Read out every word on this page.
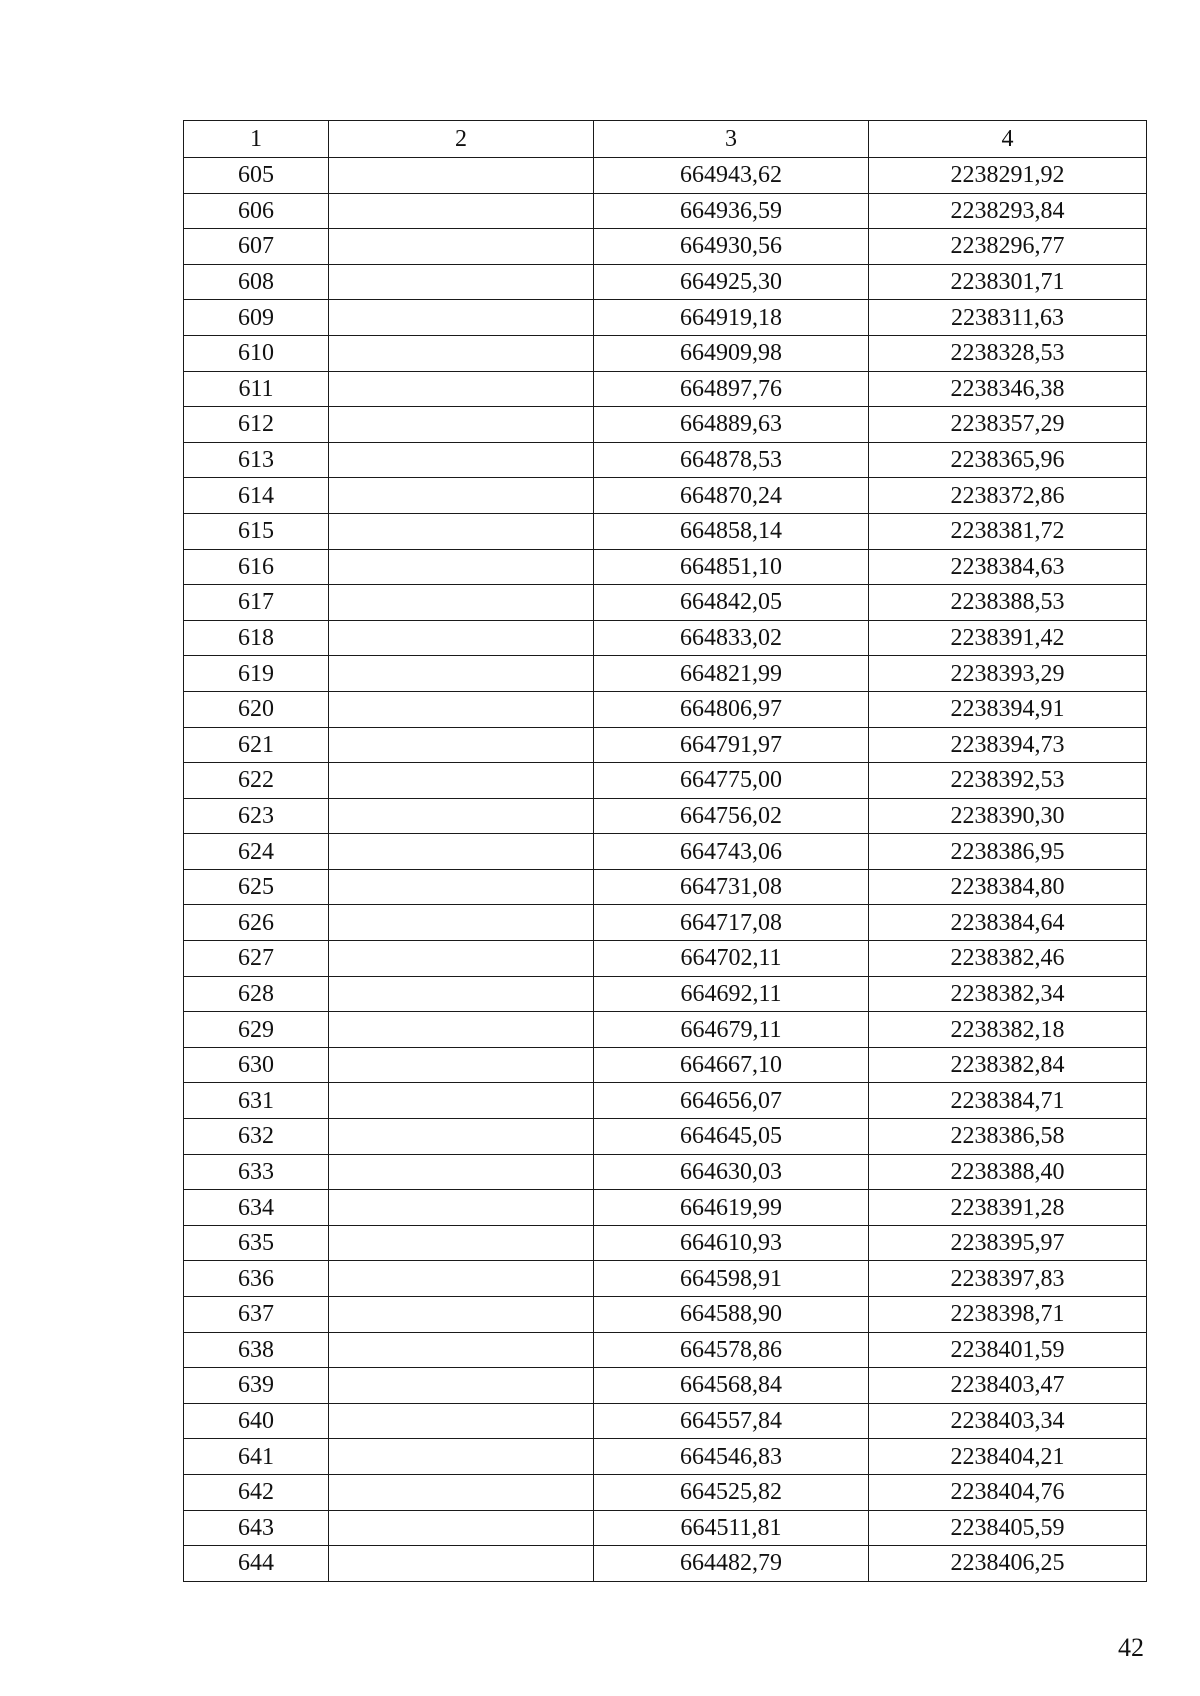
1	2	3	4
605		664943,62	2238291,92
606		664936,59	2238293,84
607		664930,56	2238296,77
608		664925,30	2238301,71
609		664919,18	2238311,63
610		664909,98	2238328,53
611		664897,76	2238346,38
612		664889,63	2238357,29
613		664878,53	2238365,96
614		664870,24	2238372,86
615		664858,14	2238381,72
616		664851,10	2238384,63
617		664842,05	2238388,53
618		664833,02	2238391,42
619		664821,99	2238393,29
620		664806,97	2238394,91
621		664791,97	2238394,73
622		664775,00	2238392,53
623		664756,02	2238390,30
624		664743,06	2238386,95
625		664731,08	2238384,80
626		664717,08	2238384,64
627		664702,11	2238382,46
628		664692,11	2238382,34
629		664679,11	2238382,18
630		664667,10	2238382,84
631		664656,07	2238384,71
632		664645,05	2238386,58
633		664630,03	2238388,40
634		664619,99	2238391,28
635		664610,93	2238395,97
636		664598,91	2238397,83
637		664588,90	2238398,71
638		664578,86	2238401,59
639		664568,84	2238403,47
640		664557,84	2238403,34
641		664546,83	2238404,21
642		664525,82	2238404,76
643		664511,81	2238405,59
644		664482,79	2238406,25
42
